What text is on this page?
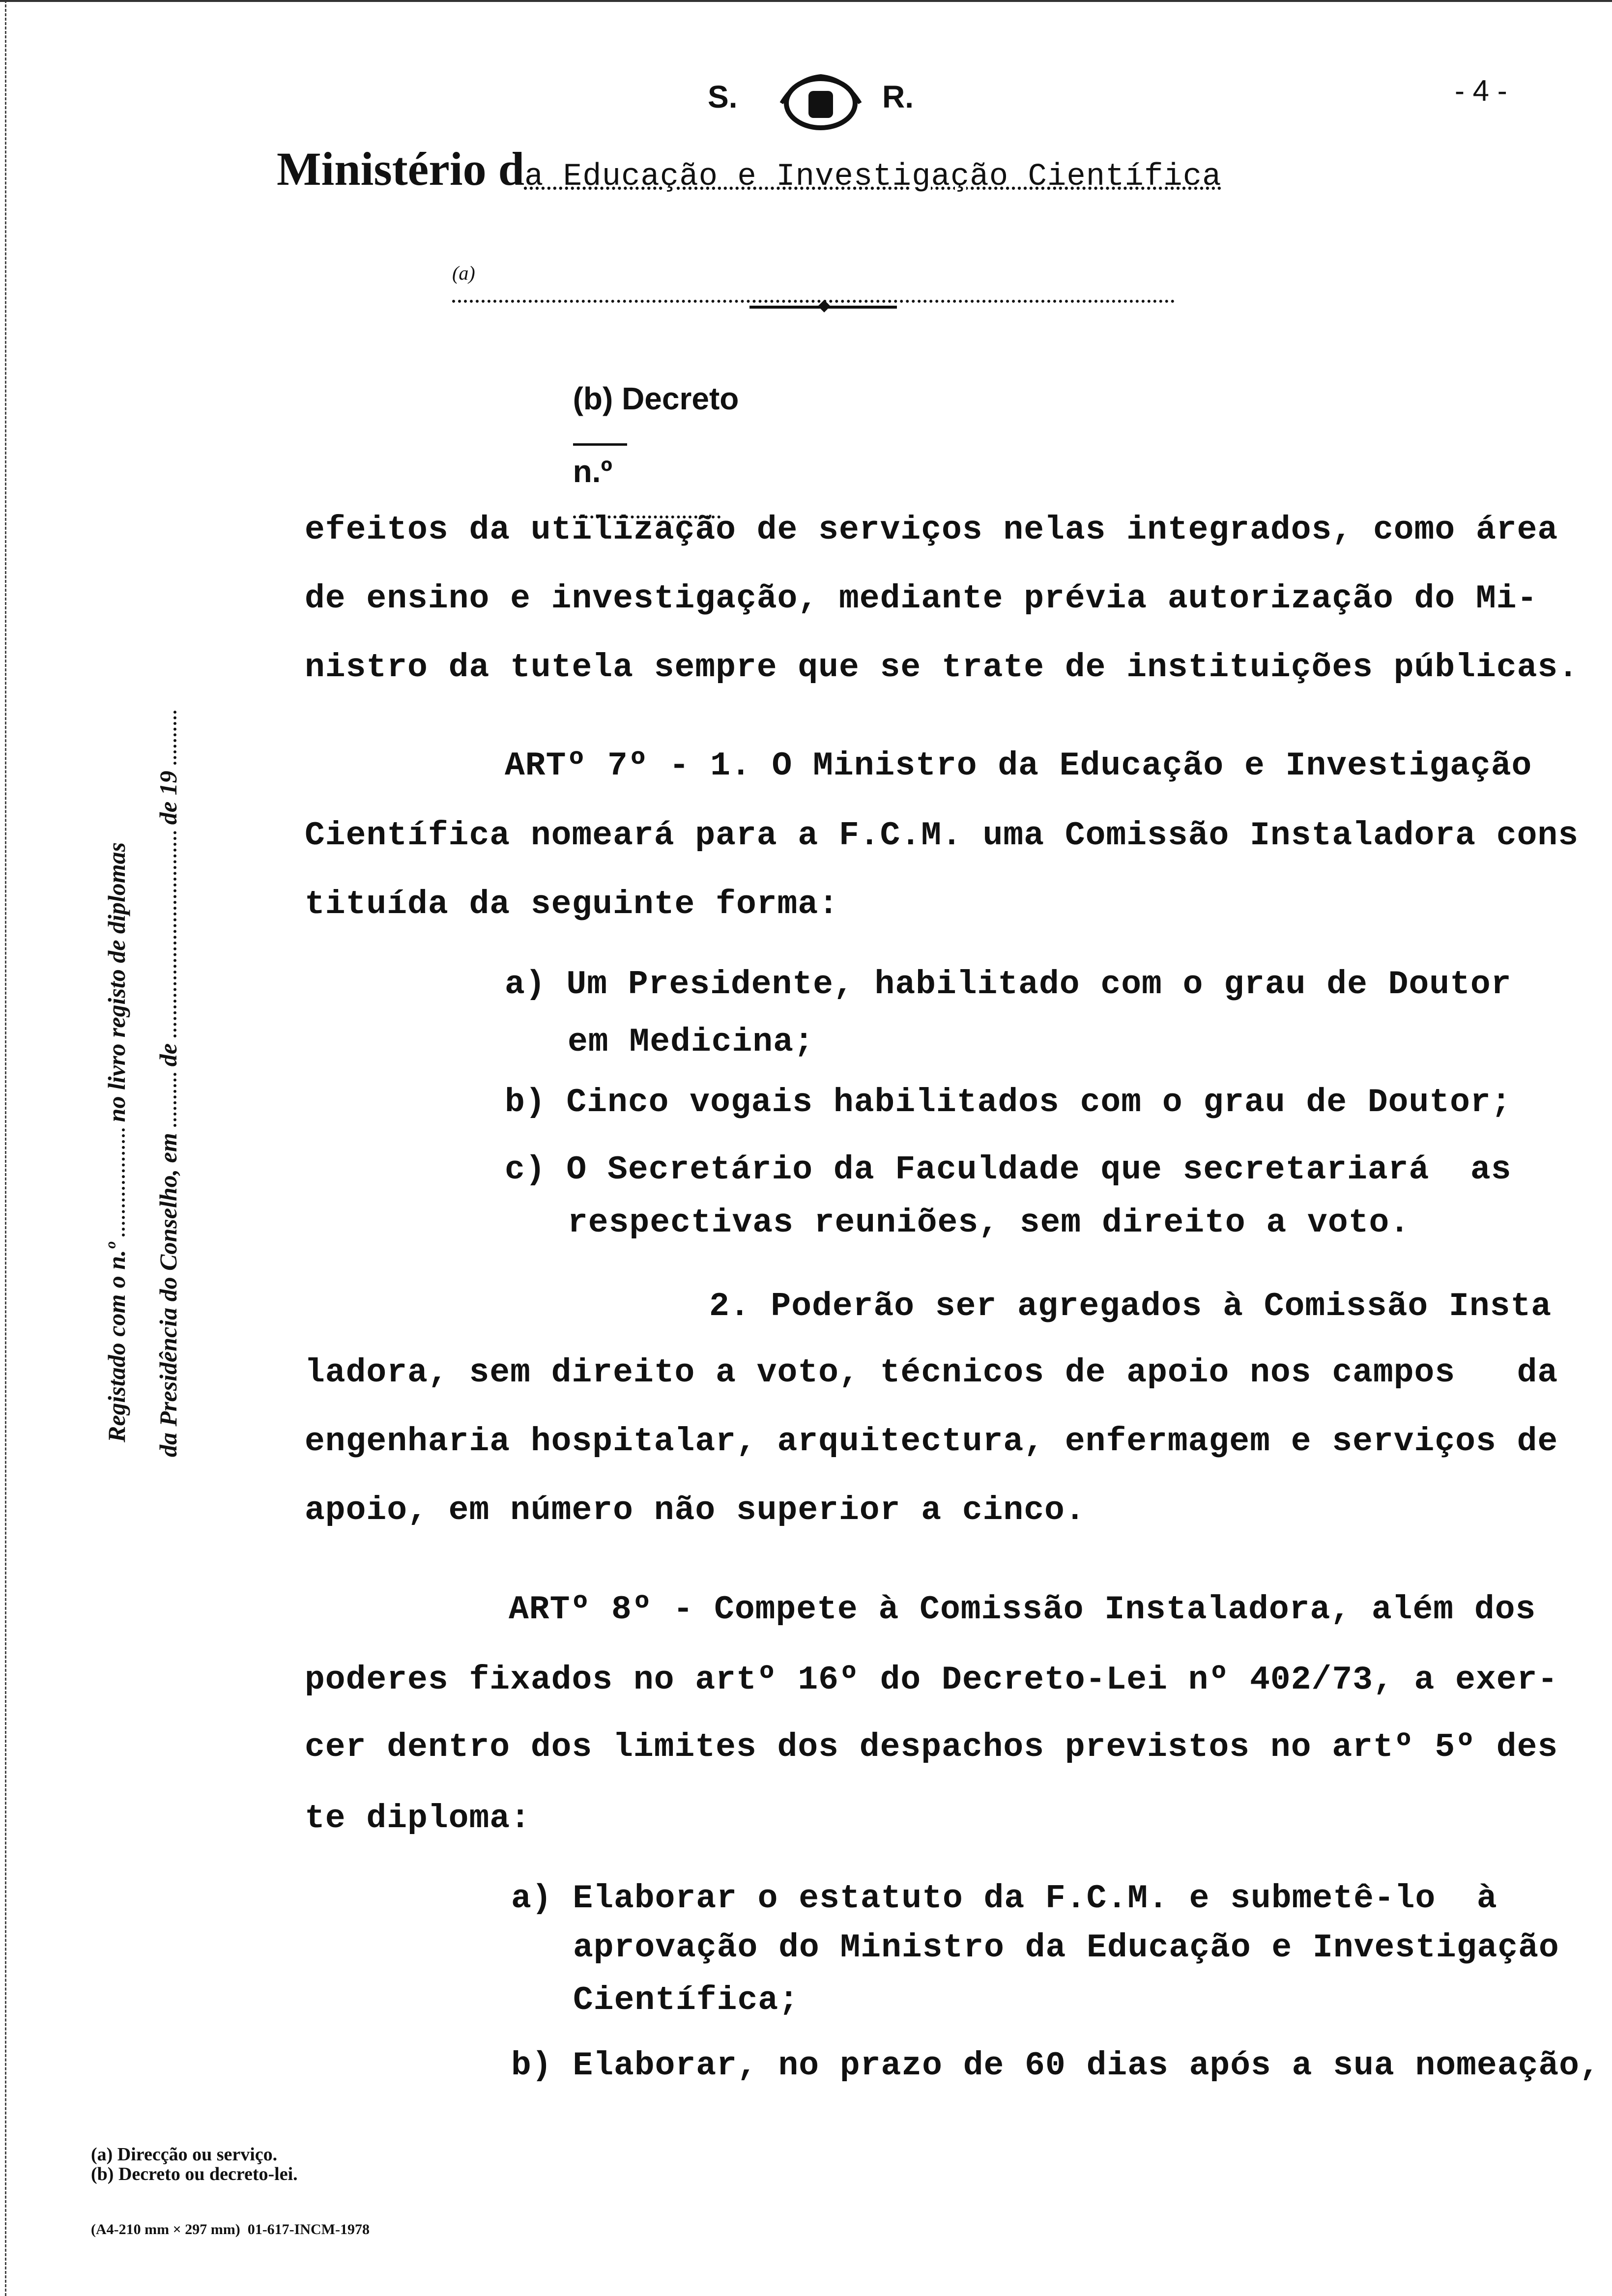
S.	R.	- 4 -

Ministério da Educação e Investigação Científica

(a)

(b) Decreto

n.º

Registado com o n.º  no livro registo de diplomas

da Presidência do Conselho, em  de  de 19

efeitos da utilização de serviços nelas integrados, como área
de ensino e investigação, mediante prévia autorização do Mi-
nistro da tutela sempre que se trate de instituições públicas.
ARTº 7º - 1. O Ministro da Educação e Investigação
Científica nomeará para a F.C.M. uma Comissão Instaladora cons
tituída da seguinte forma:
a) Um Presidente, habilitado com o grau de Doutor
em Medicina;
b) Cinco vogais habilitados com o grau de Doutor;
c) O Secretário da Faculdade que secretariará  as
respectivas reuniões, sem direito a voto.
2. Poderão ser agregados à Comissão Insta
ladora, sem direito a voto, técnicos de apoio nos campos   da
engenharia hospitalar, arquitectura, enfermagem e serviços de
apoio, em número não superior a cinco.
ARTº 8º - Compete à Comissão Instaladora, além dos
poderes fixados no artº 16º do Decreto-Lei nº 402/73, a exer-
cer dentro dos limites dos despachos previstos no artº 5º des
te diploma:
a) Elaborar o estatuto da F.C.M. e submetê-lo  à
aprovação do Ministro da Educação e Investigação
Científica;
b) Elaborar, no prazo de 60 dias após a sua nomeação,
(a) Direcção ou serviço.
(b) Decreto ou decreto-lei.
(A4-210 mm × 297 mm)  01-617-INCM-1978
